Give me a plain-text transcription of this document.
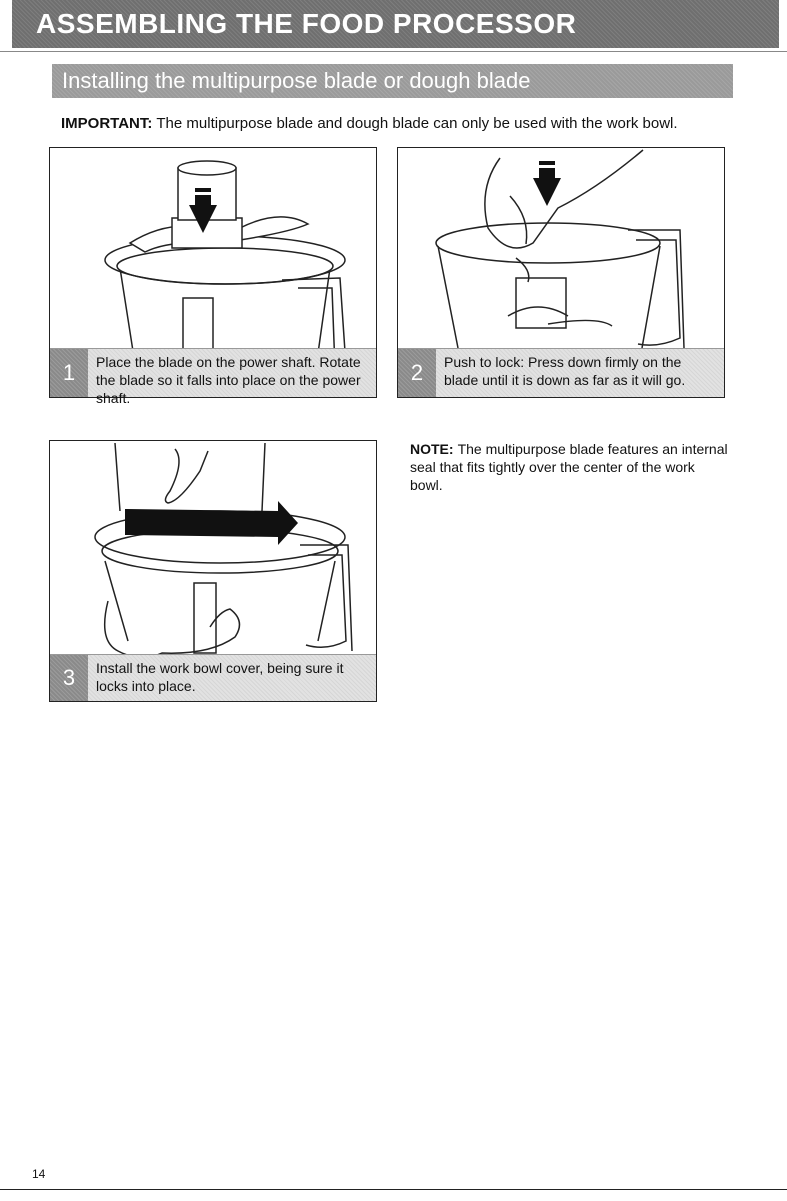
ASSEMBLING THE FOOD PROCESSOR
Installing the multipurpose blade or dough blade
IMPORTANT: The multipurpose blade and dough blade can only be used with the work bowl.
1	Place the blade on the power shaft. Rotate the blade so it falls into place on the power shaft.
2	Push to lock: Press down firmly on the blade until it is down as far as it will go.
3	Install the work bowl cover, being sure it locks into place.
NOTE: The multipurpose blade features an internal seal that fits tightly over the center of the work bowl.
14
